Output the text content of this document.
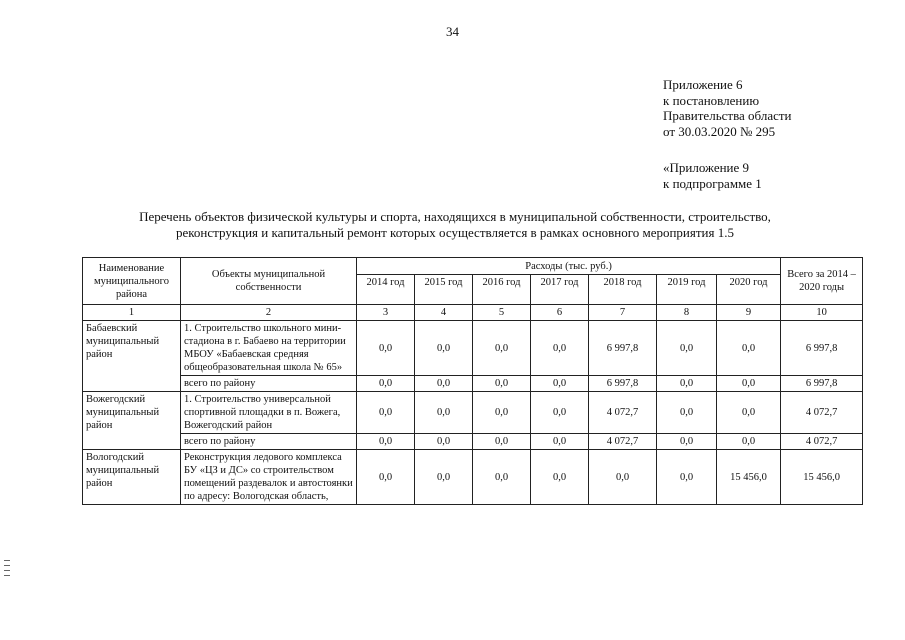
34
Приложение 6
к постановлению
Правительства области
от 30.03.2020 № 295
«Приложение 9
к подпрограмме 1
Перечень объектов физической культуры и спорта, находящихся в муниципальной собственности, строительство,
реконструкция и капитальный ремонт которых осуществляется в рамках основного мероприятия 1.5
Наименование муниципального района	Объекты муниципальной собственности	Расходы (тыс. руб.)							Всего за 2014 – 2020 годы
		2014 год	2015 год	2016 год	2017 год	2018 год	2019 год	2020 год	
1	2	3	4	5	6	7	8	9	10
Бабаевский муниципальный район	1. Строительство школьного мини-стадиона в г. Бабаево на территории МБОУ «Бабаевская средняя общеобразовательная школа № 65»	0,0	0,0	0,0	0,0	6 997,8	0,0	0,0	6 997,8
	всего по району	0,0	0,0	0,0	0,0	6 997,8	0,0	0,0	6 997,8
Вожегодский муниципальный район	1. Строительство универсальной спортивной площадки в п. Вожега, Вожегодский район	0,0	0,0	0,0	0,0	4 072,7	0,0	0,0	4 072,7
	всего по району	0,0	0,0	0,0	0,0	4 072,7	0,0	0,0	4 072,7
Вологодский муниципальный район	Реконструкция ледового комплекса БУ «ЦЗ и ДС» со строительством помещений раздевалок и автостоянки по адресу: Вологодская область,	0,0	0,0	0,0	0,0	0,0	0,0	15 456,0	15 456,0
